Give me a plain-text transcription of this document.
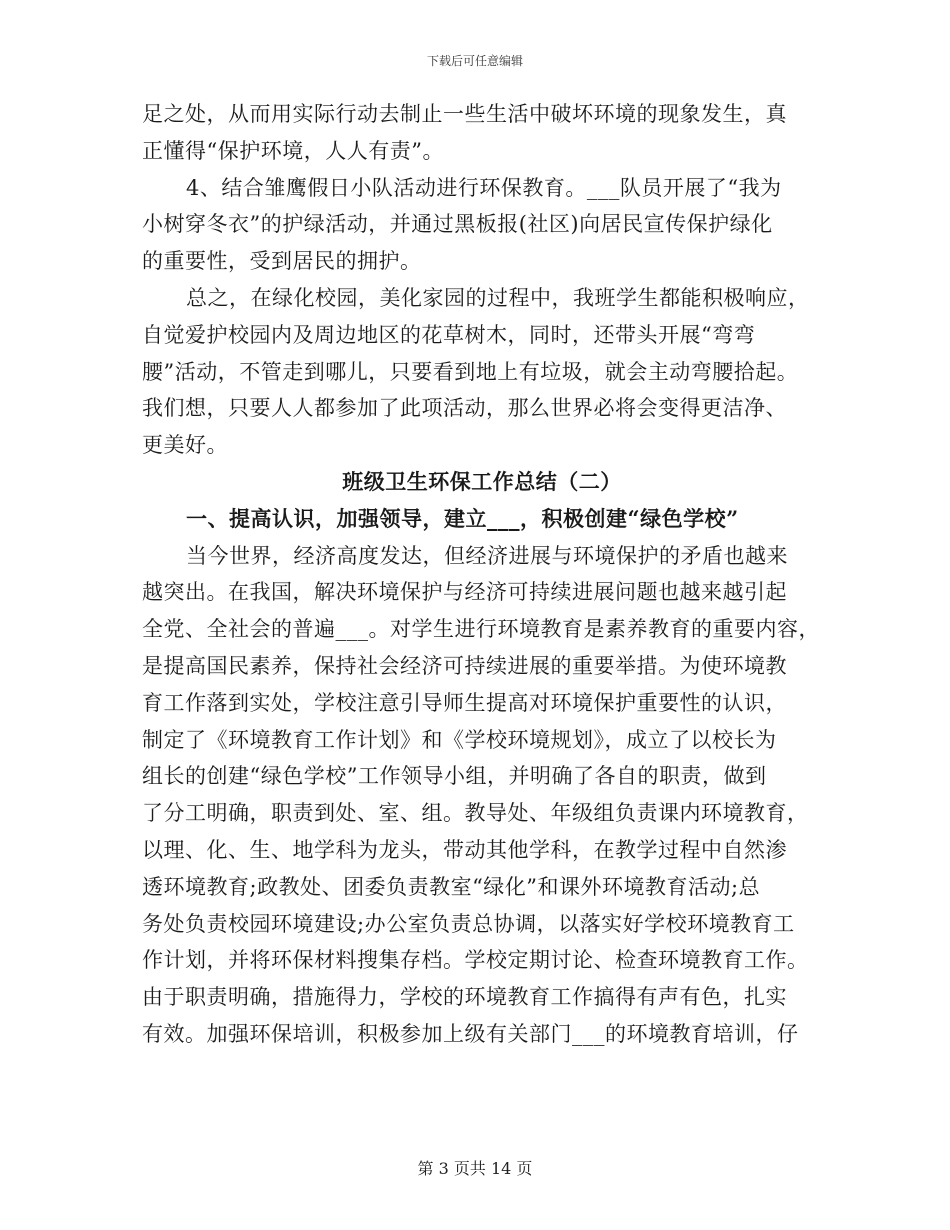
下载后可任意编辑
足之处，从而用实际行动去制止一些生活中破坏环境的现象发生，真
正懂得“保护环境，人人有责”。
4、结合雏鹰假日小队活动进行环保教育。___队员开展了“我为
小树穿冬衣”的护绿活动，并通过黑板报(社区)向居民宣传保护绿化
的重要性，受到居民的拥护。
总之，在绿化校园，美化家园的过程中，我班学生都能积极响应，
自觉爱护校园内及周边地区的花草树木，同时，还带头开展“弯弯
腰”活动，不管走到哪儿，只要看到地上有垃圾，就会主动弯腰拾起。
我们想，只要人人都参加了此项活动，那么世界必将会变得更洁净、
更美好。
班级卫生环保工作总结（二）
一、提高认识，加强领导，建立___，积极创建“绿色学校”
当今世界，经济高度发达，但经济进展与环境保护的矛盾也越来
越突出。在我国，解决环境保护与经济可持续进展问题也越来越引起
全党、全社会的普遍___。对学生进行环境教育是素养教育的重要内容，
是提高国民素养，保持社会经济可持续进展的重要举措。为使环境教
育工作落到实处，学校注意引导师生提高对环境保护重要性的认识，
制定了《环境教育工作计划》和《学校环境规划》，成立了以校长为
组长的创建“绿色学校”工作领导小组，并明确了各自的职责，做到
了分工明确，职责到处、室、组。教导处、年级组负责课内环境教育，
以理、化、生、地学科为龙头，带动其他学科，在教学过程中自然渗
透环境教育;政教处、团委负责教室“绿化”和课外环境教育活动;总
务处负责校园环境建设;办公室负责总协调，以落实好学校环境教育工
作计划，并将环保材料搜集存档。学校定期讨论、检查环境教育工作。
由于职责明确，措施得力，学校的环境教育工作搞得有声有色，扎实
有效。加强环保培训，积极参加上级有关部门___的环境教育培训，仔
第 3 页共 14 页
